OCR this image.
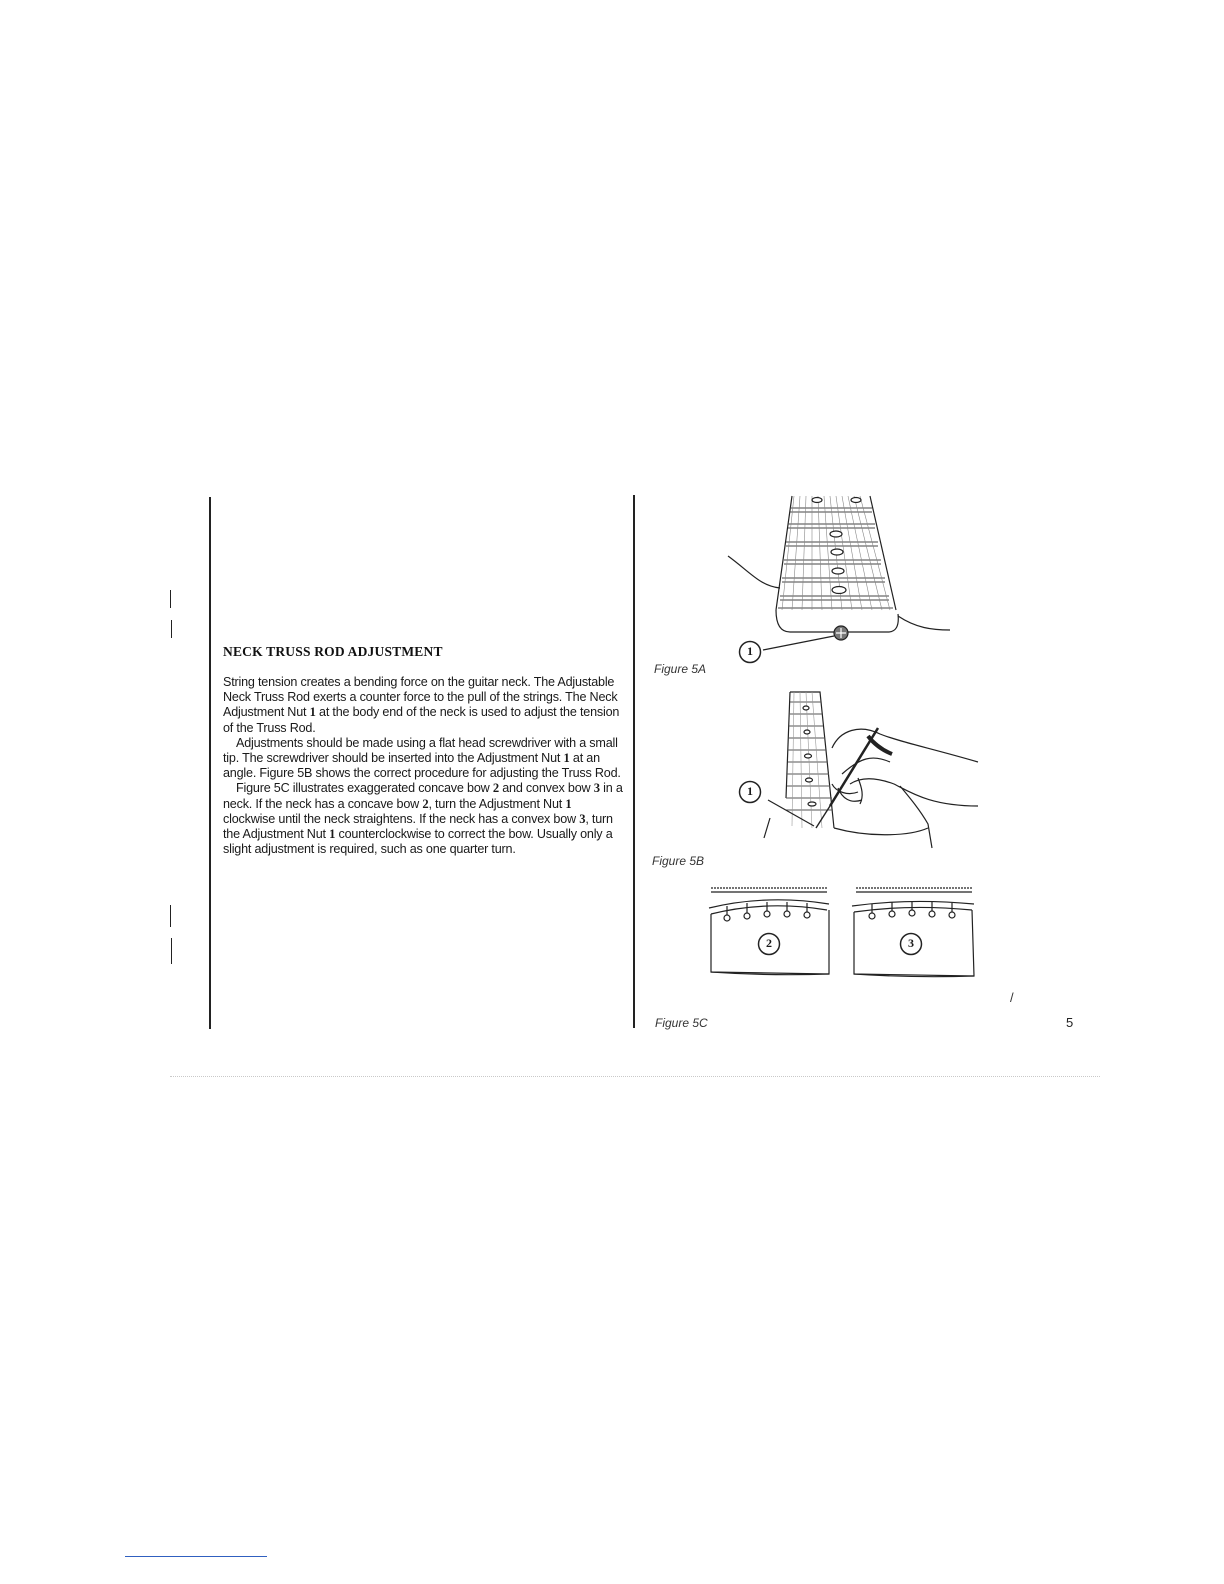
NECK TRUSS ROD ADJUSTMENT

String tension creates a bending force on the guitar neck. The Adjustable Neck Truss Rod exerts a counter force to the pull of the strings. The Neck Adjustment Nut 1 at the body end of the neck is used to adjust the tension of the Truss Rod.

Adjustments should be made using a flat head screwdriver with a small tip. The screwdriver should be inserted into the Adjustment Nut 1 at an angle. Figure 5B shows the correct procedure for adjusting the Truss Rod.

Figure 5C illustrates exaggerated concave bow 2 and convex bow 3 in a neck. If the neck has a concave bow 2, turn the Adjustment Nut 1 clockwise until the neck straightens. If the neck has a convex bow 3, turn the Adjustment Nut 1 counterclockwise to correct the bow. Usually only a slight adjustment is required, such as one quarter turn.

1
Figure 5A
1
Figure 5B
2	3
Figure 5C
/
5
